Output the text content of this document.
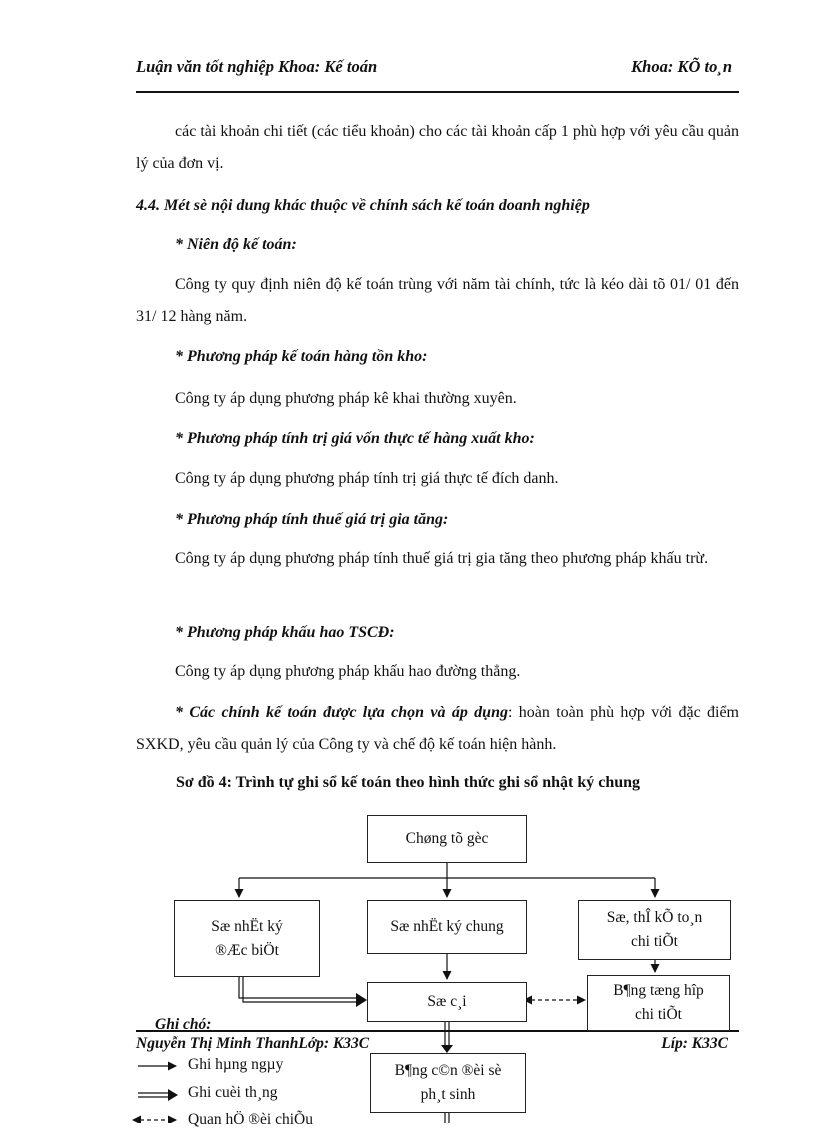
Luận văn tốt nghiệp Khoa: Kế toán	Khoa: KÕ to¸n

các tài khoản chi tiết (các tiểu khoản) cho các tài khoản cấp 1 phù hợp với yêu cầu quản lý của đơn vị.

4.4. Mét sè nội dung khác thuộc về chính sách kế toán doanh nghiệp
* Niên độ kế toán:

Công ty quy định niên độ kế toán trùng với năm tài chính, tức là kéo dài tõ 01/ 01 đến 31/ 12 hàng năm.

* Phương pháp kế toán hàng tồn kho:
Công ty áp dụng phương pháp kê khai thường xuyên.
* Phương pháp tính trị giá vốn thực tế hàng xuất kho:
Công ty áp dụng phương pháp tính trị giá thực tế đích danh.
* Phương pháp tính thuế giá trị gia tăng:

Công ty áp dụng phương pháp tính thuế giá trị gia tăng theo phương pháp khấu trừ.

* Phương pháp khấu hao TSCĐ:
Công ty áp dụng phương pháp khấu hao đường thẳng.

* Các chính kế toán được lựa chọn và áp dụng: hoàn toàn phù hợp với đặc điểm SXKD, yêu cầu quản lý của Công ty và chế độ kế toán hiện hành.

Sơ đồ 4: Trình tự ghi sổ kế toán theo hình thức ghi sổ nhật ký chung
Chøng tõ gèc
Sæ nhËt ký
®Æc biÖt
Sæ nhËt ký chung
Sæ, thÎ kÕ to¸n
chi tiÕt
Sæ c¸i
B¶ng tæng hîp
chi tiÕt
B¶ng c©n ®èi sè
ph¸t sinh
Ghi chó:
Ghi hµng ngµy
Ghi cuèi th¸ng
Quan hÖ ®èi chiÕu
Nguyễn Thị Minh ThanhLớp: K33C	Líp: K33C
